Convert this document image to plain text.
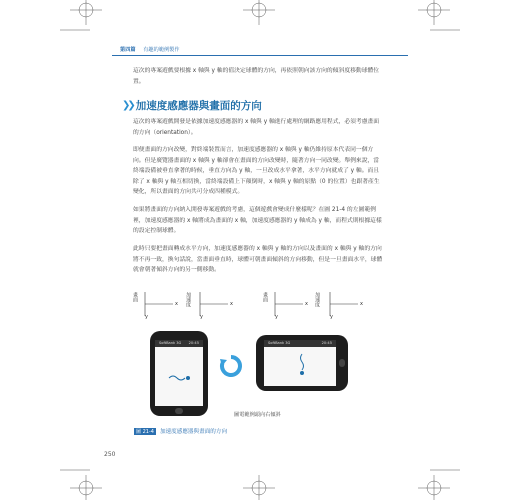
第四篇 有趣的範例製作
這次的專案遊戲要根據 x 軸與 y 軸的值決定球體的方向，再依照朝向該方向的傾斜度移動球體位置。
❯❯ 加速度感應器與畫面的方向
這次的專案遊戲開發是依據加速度感應器的 x 軸與 y 軸進行處理的網路應用程式，必須考慮畫面的方向（orientation）。
即便畫面的方向改變，對終端裝置而言，加速度感應器的 x 軸與 y 軸仍維持原本代表同一個方向。但是廣覽器畫面的 x 軸與 y 軸卻會在畫面的方向改變時，隨著方向一同改變。舉例來說，當終端設備被垂直拿著的時候，垂直方向為 y 軸，一旦改成水平拿著，水平方向就成了 y 軸。而且除了 x 軸與 y 軸互相切換，當終端設備上下顛倒時，x 軸與 y 軸的原點（0 的位置）也跟著產生變化，所以畫面的方向共可分成四種模式。
如果將畫面的方向納入開發專案遊戲的考慮，這個遊戲會變成什麼樣呢？在圖 21-4 的左圖範例裡，加速度感應器的 x 軸將成為畫面的 x 軸，加速度感應器的 y 軸成為 y 軸，而程式則根據這樣的設定控制球體。
此時只要把畫面轉成水平方向，加速度感應器的 x 軸與 y 軸的方向以及畫面的 x 軸與 y 軸的方向將不再一致，換句話說，當畫面垂直時，球體可朝畫面傾斜的方向移動，但是一旦畫面水平，球體就會朝著傾斜方向的另一側移動。
畫面
x
y
加速度	x
y
畫面
x
y
加速度	x
y
SoftBank 3G 20:45	SoftBank 3G	20:45
圖電範例頭向右傾斜
圖 21-4	加速度感應器與畫面的方向
250
